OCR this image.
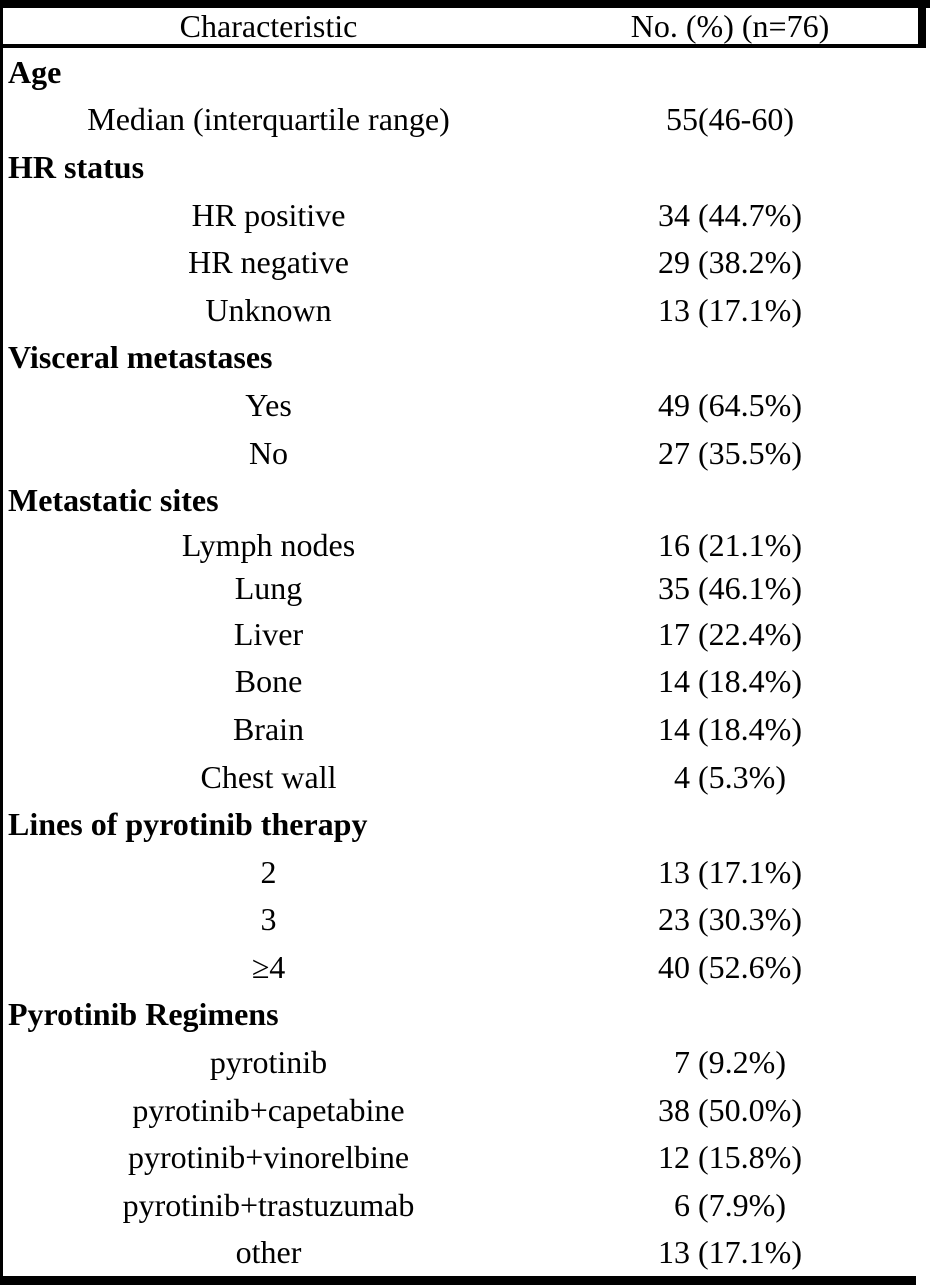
Characteristic	No. (%) (n=76)
Age
Median (interquartile range)	55(46-60)
HR status
HR positive	34 (44.7%)
HR negative	29 (38.2%)
Unknown	13 (17.1%)
Visceral metastases
Yes	49 (64.5%)
No	27 (35.5%)
Metastatic sites
Lymph nodes	16 (21.1%)
Lung	35 (46.1%)
Liver	17 (22.4%)
Bone	14 (18.4%)
Brain	14 (18.4%)
Chest wall	4 (5.3%)
Lines of pyrotinib therapy
2	13 (17.1%)
3	23 (30.3%)
≥4	40 (52.6%)
Pyrotinib Regimens
pyrotinib	7 (9.2%)
pyrotinib+capetabine	38 (50.0%)
pyrotinib+vinorelbine	12 (15.8%)
pyrotinib+trastuzumab	6 (7.9%)
other	13 (17.1%)
